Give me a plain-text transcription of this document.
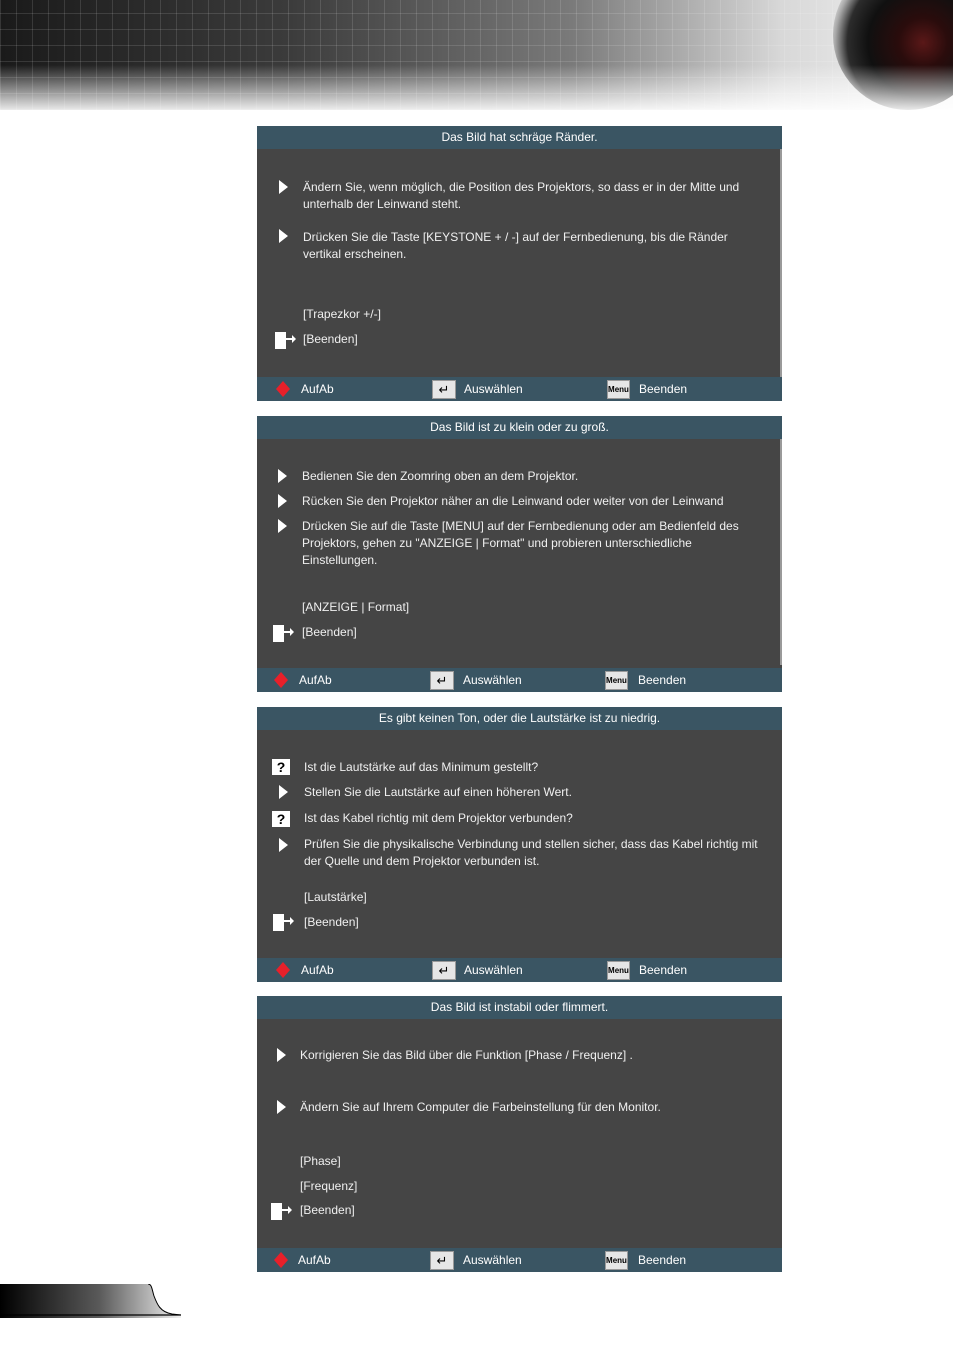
Das Bild hat schräge Ränder.
Ändern Sie, wenn möglich, die Position des Projektors, so dass er in der Mitte und unterhalb der Leinwand steht.
Drücken Sie die Taste [KEYSTONE + / -] auf der Fernbedienung, bis die Ränder vertikal erscheinen.
[Trapezkor +/-]
[Beenden]
AufAb	↵	Auswählen	Menu Beenden
Das Bild ist zu klein oder zu groß.
Bedienen Sie den Zoomring oben an dem Projektor.
Rücken Sie den Projektor näher an die Leinwand oder weiter von der Leinwand
Drücken Sie auf die Taste [MENU] auf der Fernbedienung oder am Bedienfeld des Projektors, gehen zu "ANZEIGE | Format" und probieren unterschiedliche Einstellungen.
[ANZEIGE | Format]
[Beenden]
AufAb	↵	Auswählen	Menu Beenden
Es gibt keinen Ton, oder die Lautstärke ist zu niedrig.
?	Ist die Lautstärke auf das Minimum gestellt?
Stellen Sie die Lautstärke auf einen höheren Wert.
?	Ist das Kabel richtig mit dem Projektor verbunden?
Prüfen Sie die physikalische Verbindung und stellen sicher, dass das Kabel richtig mit der Quelle und dem Projektor verbunden ist.
[Lautstärke]
[Beenden]
AufAb	↵	Auswählen	Menu Beenden
Das Bild ist instabil oder flimmert.
Korrigieren Sie das Bild über die Funktion [Phase / Frequenz] .
Ändern Sie auf Ihrem Computer die Farbeinstellung für den Monitor.
[Phase]
[Frequenz]
[Beenden]
AufAb	↵	Auswählen	Menu Beenden
